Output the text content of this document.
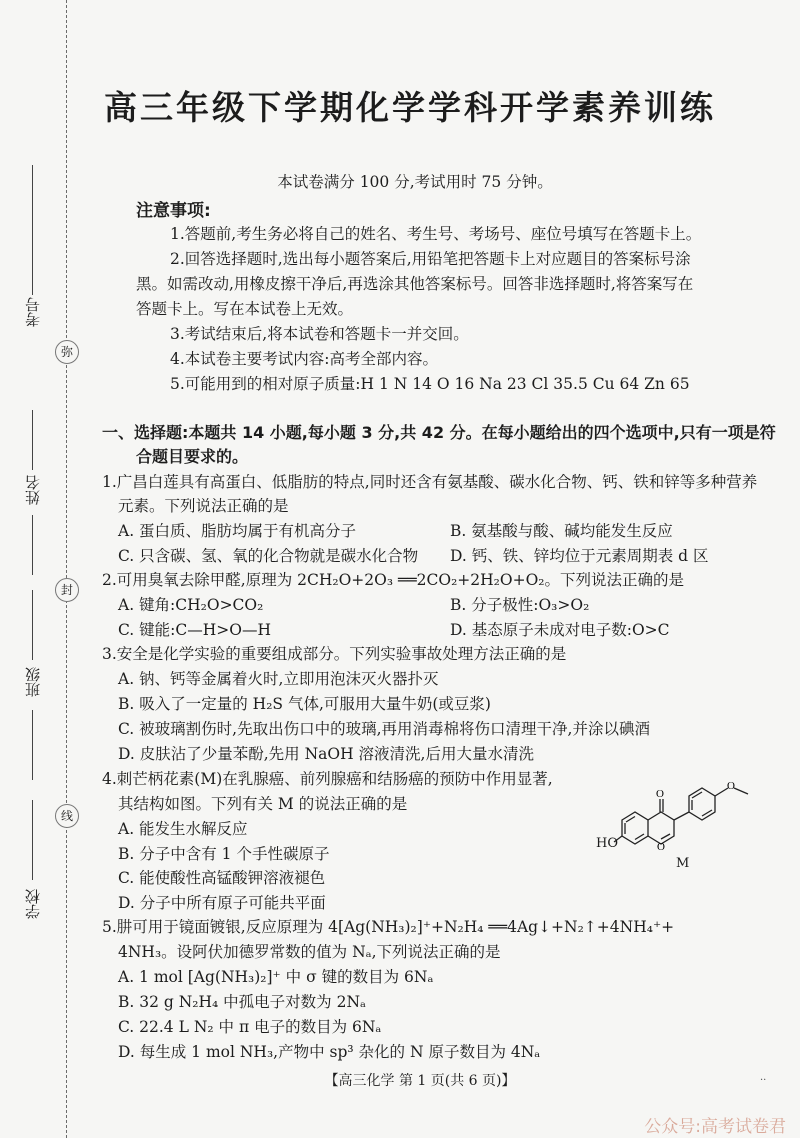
考号
姓名
班级
学校
弥
封
线
高三年级下学期化学学科开学素养训练
本试卷满分 100 分,考试用时 75 分钟。
注意事项:
1.答题前,考生务必将自己的姓名、考生号、考场号、座位号填写在答题卡上。
2.回答选择题时,选出每小题答案后,用铅笔把答题卡上对应题目的答案标号涂
黑。如需改动,用橡皮擦干净后,再选涂其他答案标号。回答非选择题时,将答案写在
答题卡上。写在本试卷上无效。
3.考试结束后,将本试卷和答题卡一并交回。
4.本试卷主要考试内容:高考全部内容。
5.可能用到的相对原子质量:H 1 N 14 O 16 Na 23 Cl 35.5 Cu 64 Zn 65
一、选择题:本题共 14 小题,每小题 3 分,共 42 分。在每小题给出的四个选项中,只有一项是符
合题目要求的。
1.广昌白莲具有高蛋白、低脂肪的特点,同时还含有氨基酸、碳水化合物、钙、铁和锌等多种营养
元素。下列说法正确的是
A. 蛋白质、脂肪均属于有机高分子	B. 氨基酸与酸、碱均能发生反应
C. 只含碳、氢、氧的化合物就是碳水化合物 D. 钙、铁、锌均位于元素周期表 d 区
2.可用臭氧去除甲醛,原理为 2CH₂O+2O₃ ══2CO₂+2H₂O+O₂。下列说法正确的是
A. 键角:CH₂O>CO₂	B. 分子极性:O₃>O₂
C. 键能:C—H>O—H	D. 基态原子未成对电子数:O>C
3.安全是化学实验的重要组成部分。下列实验事故处理方法正确的是
A. 钠、钙等金属着火时,立即用泡沫灭火器扑灭
B. 吸入了一定量的 H₂S 气体,可服用大量牛奶(或豆浆)
C. 被玻璃割伤时,先取出伤口中的玻璃,再用消毒棉将伤口清理干净,并涂以碘酒
D. 皮肤沾了少量苯酚,先用 NaOH 溶液清洗,后用大量水清洗
4.刺芒柄花素(M)在乳腺癌、前列腺癌和结肠癌的预防中作用显著,
其结构如图。下列有关 M 的说法正确的是
A. 能发生水解反应
B. 分子中含有 1 个手性碳原子
C. 能使酸性高锰酸钾溶液褪色
D. 分子中所有原子可能共平面
O
O
O
HO
M
5.肼可用于镜面镀银,反应原理为 4[Ag(NH₃)₂]⁺+N₂H₄ ══4Ag↓+N₂↑+4NH₄⁺+
4NH₃。设阿伏加德罗常数的值为 Nₐ,下列说法正确的是
A. 1 mol [Ag(NH₃)₂]⁺ 中 σ 键的数目为 6Nₐ
B. 32 g N₂H₄ 中孤电子对数为 2Nₐ
C. 22.4 L N₂ 中 π 电子的数目为 6Nₐ
D. 每生成 1 mol NH₃,产物中 sp³ 杂化的 N 原子数目为 4Nₐ
【高三化学 第 1 页(共 6 页)】	··
公众号:高考试卷君
